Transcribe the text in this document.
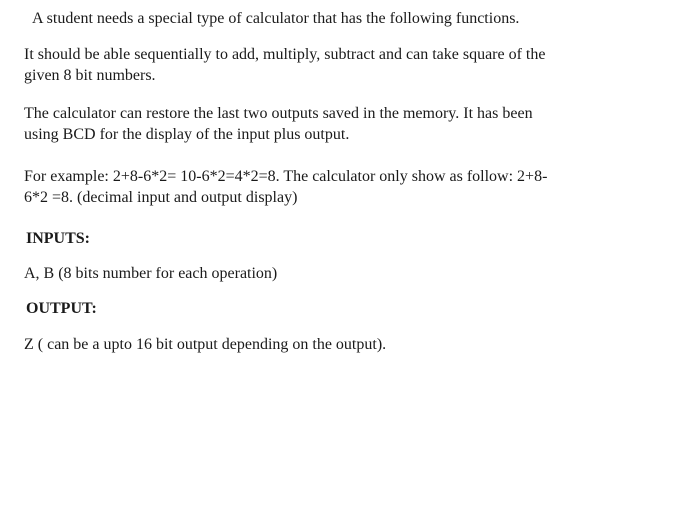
A student needs a special type of calculator that has the following functions.

It should be able sequentially to add, multiply, subtract and can take square of the
given 8 bit numbers.

The calculator can restore the last two outputs saved in the memory. It has been
using BCD for the display of the input plus output.

For example: 2+8-6*2= 10-6*2=4*2=8. The calculator only show as follow: 2+8-
6*2 =8. (decimal input and output display)

INPUTS:

A, B (8 bits number for each operation)

OUTPUT:

Z ( can be a upto 16 bit output depending on the output).
